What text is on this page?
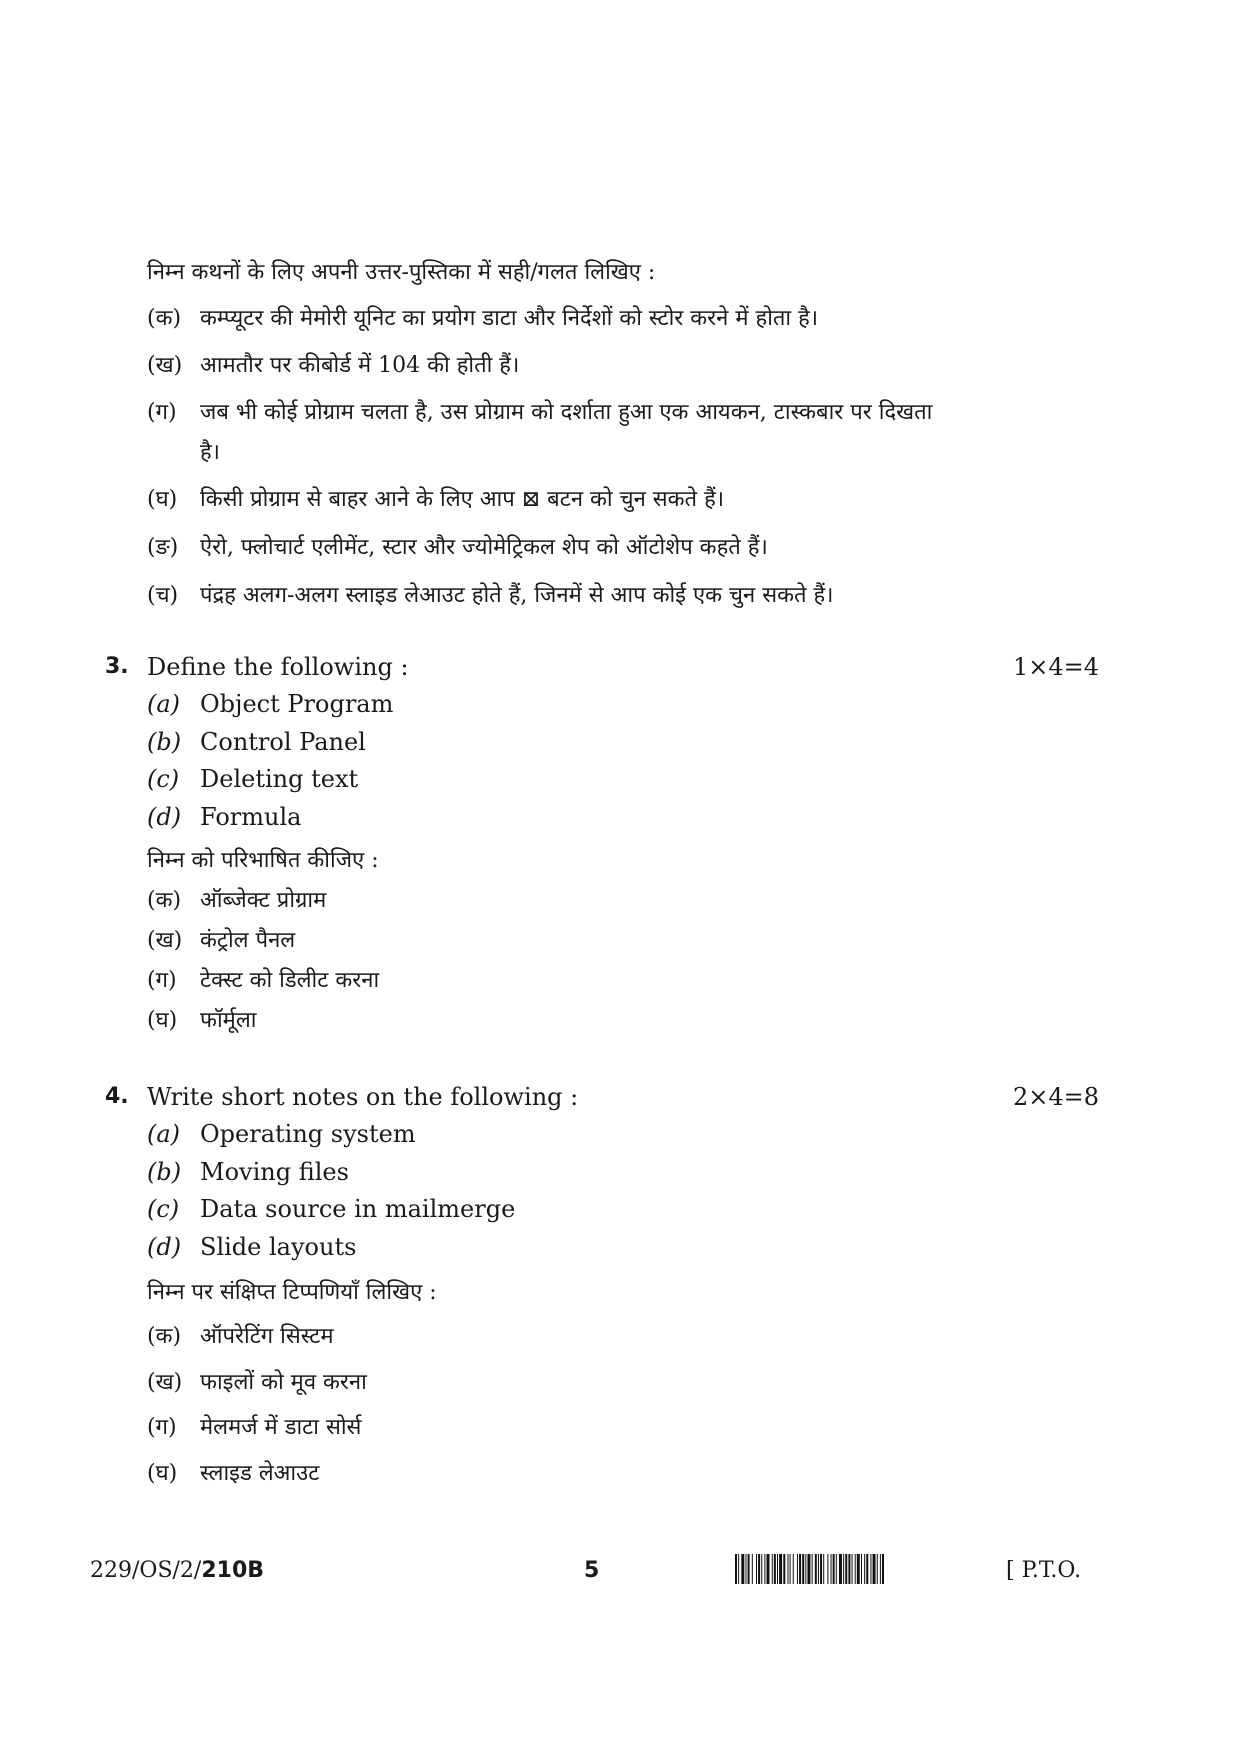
निम्न कथनों के लिए अपनी उत्तर-पुस्तिका में सही/गलत लिखिए :
(क) कम्प्यूटर की मेमोरी यूनिट का प्रयोग डाटा और निर्देशों को स्टोर करने में होता है।
(ख) आमतौर पर कीबोर्ड में 104 की होती हैं।
(ग) जब भी कोई प्रोग्राम चलता है, उस प्रोग्राम को दर्शाता हुआ एक आयकन, टास्कबार पर दिखता
है।
(घ) किसी प्रोग्राम से बाहर आने के लिए आप ⊠ बटन को चुन सकते हैं।
(ङ) ऐरो, फ्लोचार्ट एलीमेंट, स्टार और ज्योमेट्रिकल शेप को ऑटोशेप कहते हैं।
(च) पंद्रह अलग-अलग स्लाइड लेआउट होते हैं, जिनमें से आप कोई एक चुन सकते हैं।
3. Define the following :	1×4=4
(a) Object Program
(b) Control Panel
(c) Deleting text
(d) Formula
निम्न को परिभाषित कीजिए :
(क) ऑब्जेक्ट प्रोग्राम
(ख) कंट्रोल पैनल
(ग) टेक्स्ट को डिलीट करना
(घ) फॉर्मूला
4. Write short notes on the following :	2×4=8
(a) Operating system
(b) Moving files
(c) Data source in mailmerge
(d) Slide layouts
निम्न पर संक्षिप्त टिप्पणियाँ लिखिए :
(क) ऑपरेटिंग सिस्टम
(ख) फाइलों को मूव करना
(ग) मेलमर्ज में डाटा सोर्स
(घ) स्लाइड लेआउट
229/OS/2/210B	5	[ P.T.O.
